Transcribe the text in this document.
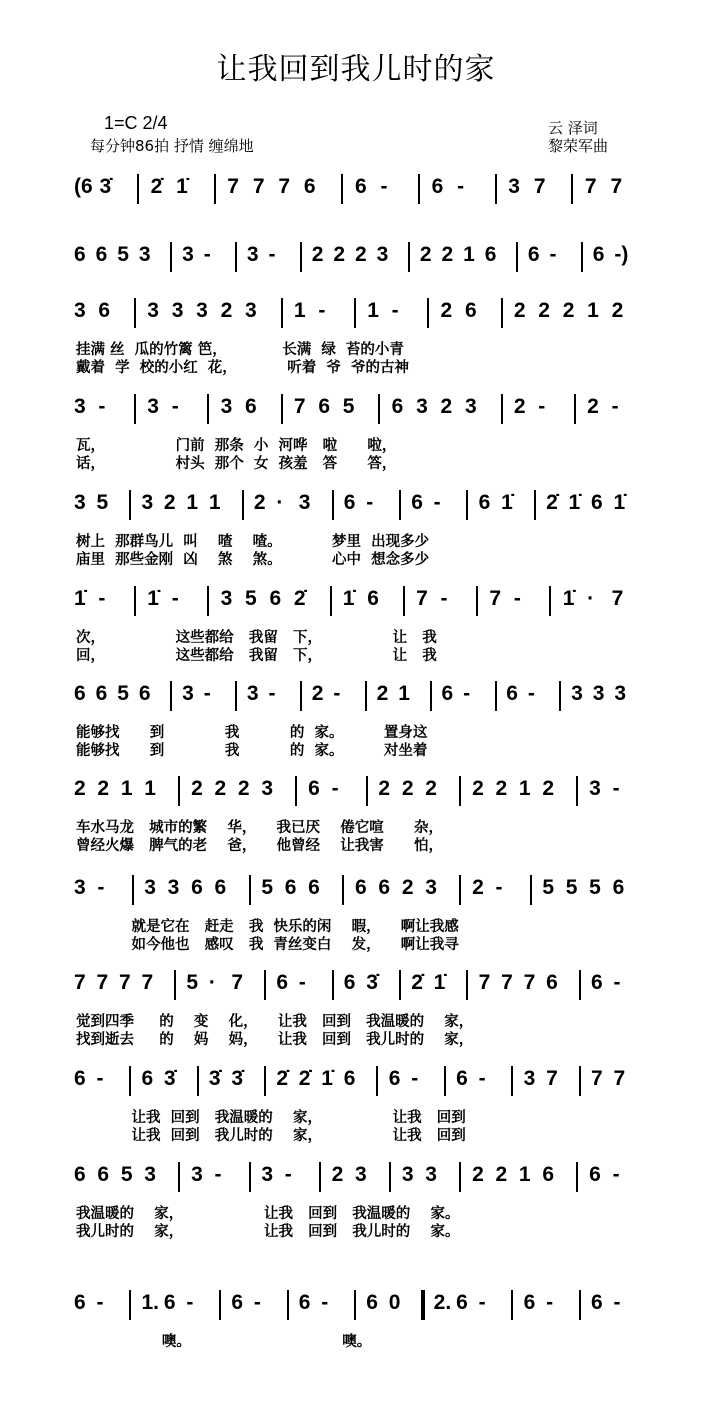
让我回到我儿时的家
1=C 2/4
每分钟86拍 抒情 缠绵地
云 泽词
黎荣军曲
(6 3̇ 2̇ 1̇ 7 7 7 6 6 - 6 - 3 7 7 7
6 6 5 3 3 - 3 - 2 2 2 3 2 2 1 6 6 - 6 -)
3 6 3 3 3 2 3 1 - 1 - 2 6 2 2 2 1 2
挂满 丝  瓜的竹篱 笆，           长满  绿  苔的小青
戴着  学  校的小红  花，          听着  爷  爷的古神
3 - 3 - 3 6 7 6 5 6 3 2 3 2 - 2 -
瓦，              门前  那条  小  河哗   啦      啦，
话，              村头  那个  女  孩羞   答      答，
3 5 3 2 1 1 2 · 3 6 - 6 - 6 1̇ 2̇ 1̇ 6 1̇
树上  那群鸟儿  叫    喳    喳。          梦里  出现多少
庙里  那些金刚  凶    煞    煞。          心中  想念多少
1̇ - 1̇ - 3 5 6 2̇ 1̇ 6 7 - 7 - 1̇ · 7
次，              这些都给   我留   下，              让   我
回，              这些都给   我留   下，              让   我
6 6 5 6 3 - 3 - 2 - 2 1 6 - 6 - 3 3 3
能够找      到            我          的  家。        置身这
能够找      到            我          的  家。        对坐着
2 2 1 1 2 2 2 3 6 - 2 2 2 2 2 1 2 3 -
车水马龙   城市的繁    华，    我已厌    倦它喧      杂，
曾经火爆   脾气的老    爸，    他曾经    让我害      怕，
3 - 3 3 6 6 5 6 6 6 6 2 3 2 - 5 5 5 6
就是它在   赶走   我  快乐的闲    暇，    啊让我感
如今他也   感叹   我  青丝变白    发，    啊让我寻
7 7 7 7 5 · 7 6 - 6 3̇ 2̇ 1̇ 7 7 7 6 6 -
觉到四季     的    变    化，    让我   回到   我温暖的    家，
找到逝去     的    妈    妈，    让我   回到   我儿时的    家，
6 - 6 3̇ 3̇ 3̇ 2̇ 2̇ 1̇ 6 6 - 6 - 3 7 7 7
让我  回到   我温暖的    家，              让我   回到
让我  回到   我儿时的    家，              让我   回到
6 6 5 3 3 - 3 - 2 3 3 3 2 2 1 6 6 -
我温暖的    家，                让我   回到   我温暖的    家。
我儿时的    家，                让我   回到   我儿时的    家。
6 - 1. 6 - 6 - 6 - 6 0 2. 6 - 6 - 6 -
噢。                              噢。
